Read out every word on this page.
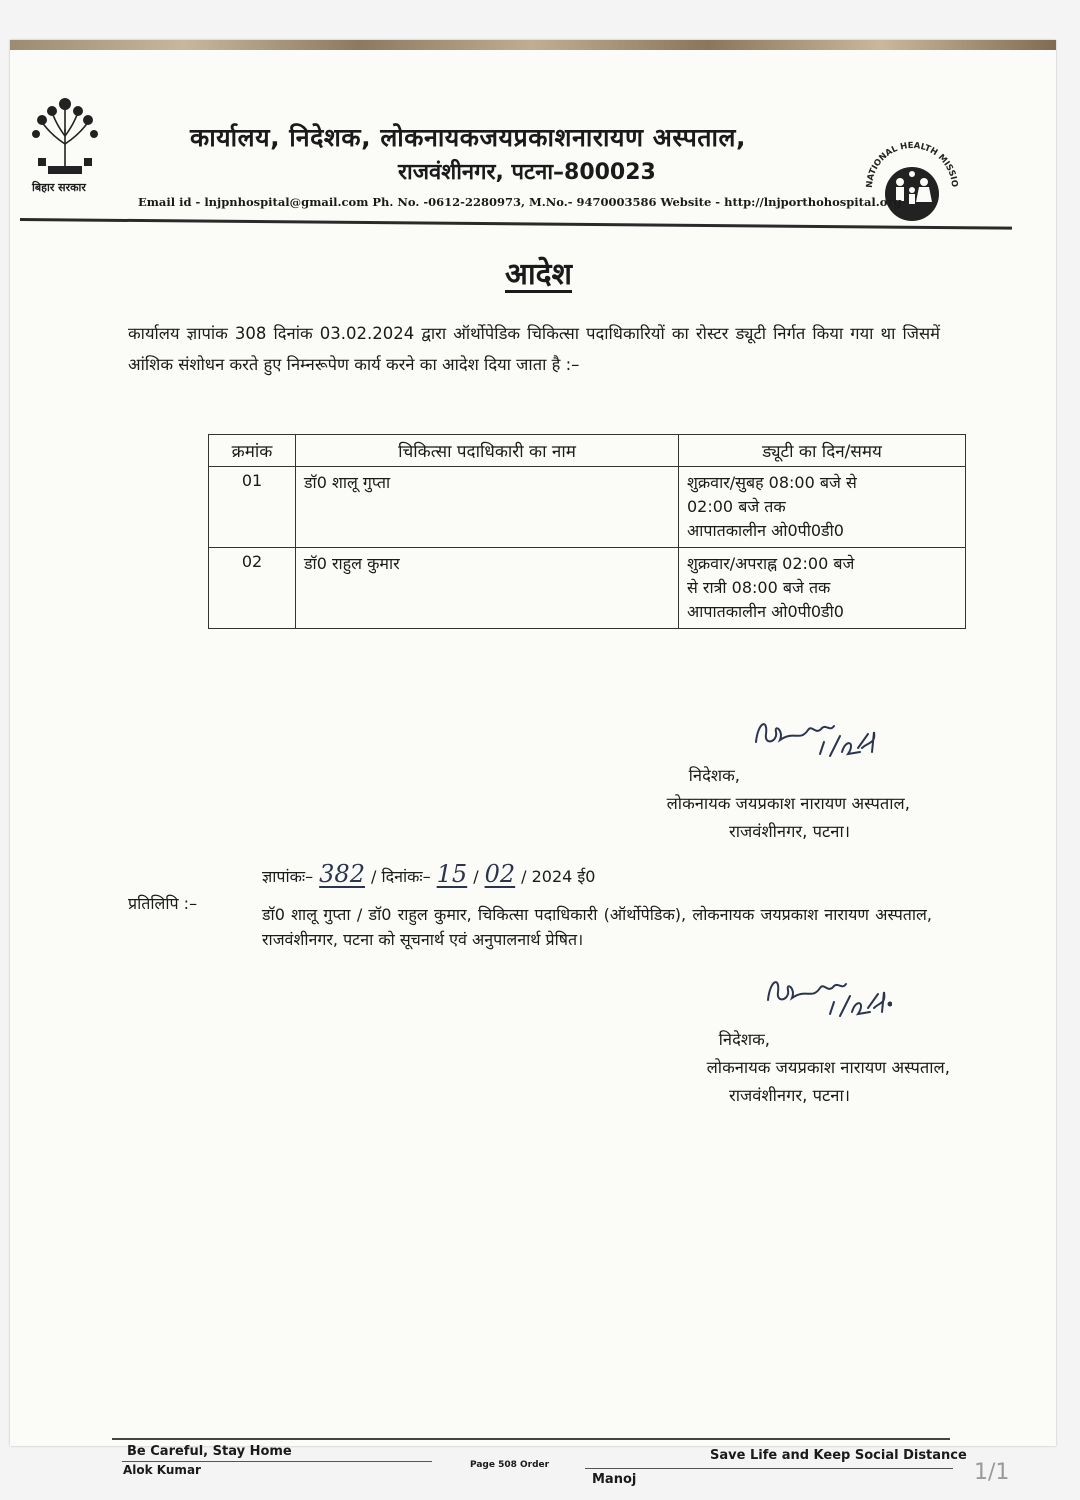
बिहार सरकार	NATIONAL HEALTH MISSIO
कार्यालय, निदेशक, लोकनायकजयप्रकाशनारायण अस्पताल,
राजवंशीनगर, पटना–800023
Email id - lnjpnhospital@gmail.com Ph. No. -0612-2280973, M.No.- 9470003586 Website - http://lnjporthohospital.org
आदेश
कार्यालय ज्ञापांक 308 दिनांक 03.02.2024 द्वारा ऑर्थोपेडिक चिकित्सा पदाधिकारियों का रोस्टर ड्यूटी निर्गत किया गया था जिसमें आंशिक संशोधन करते हुए निम्नरूपेण कार्य करने का आदेश दिया जाता है :–
क्रमांक	चिकित्सा पदाधिकारी का नाम	ड्यूटी का दिन/समय
01	डॉ0 शालू गुप्ता	शुक्रवार/सुबह 08:00 बजे से
02:00 बजे तक
आपातकालीन ओ0पी0डी0

02	डॉ0 राहुल कुमार	शुक्रवार/अपराह्न 02:00 बजे
से रात्री 08:00 बजे तक
आपातकालीन ओ0पी0डी0
निदेशक,
लोकनायक जयप्रकाश नारायण अस्पताल,
राजवंशीनगर, पटना।
ज्ञापांकः– 382 / दिनांकः– 15 / 02 / 2024 ई0
प्रतिलिपि :–
डॉ0 शालू गुप्ता / डॉ0 राहुल कुमार, चिकित्सा पदाधिकारी (ऑर्थोपेडिक), लोकनायक जयप्रकाश नारायण अस्पताल, राजवंशीनगर, पटना को सूचनार्थ एवं अनुपालनार्थ प्रेषित।
निदेशक,
लोकनायक जयप्रकाश नारायण अस्पताल,
राजवंशीनगर, पटना।
Be Careful, Stay Home
Alok Kumar	Page 508 Order
Save Life and Keep Social Distance
Manoj	1/1
